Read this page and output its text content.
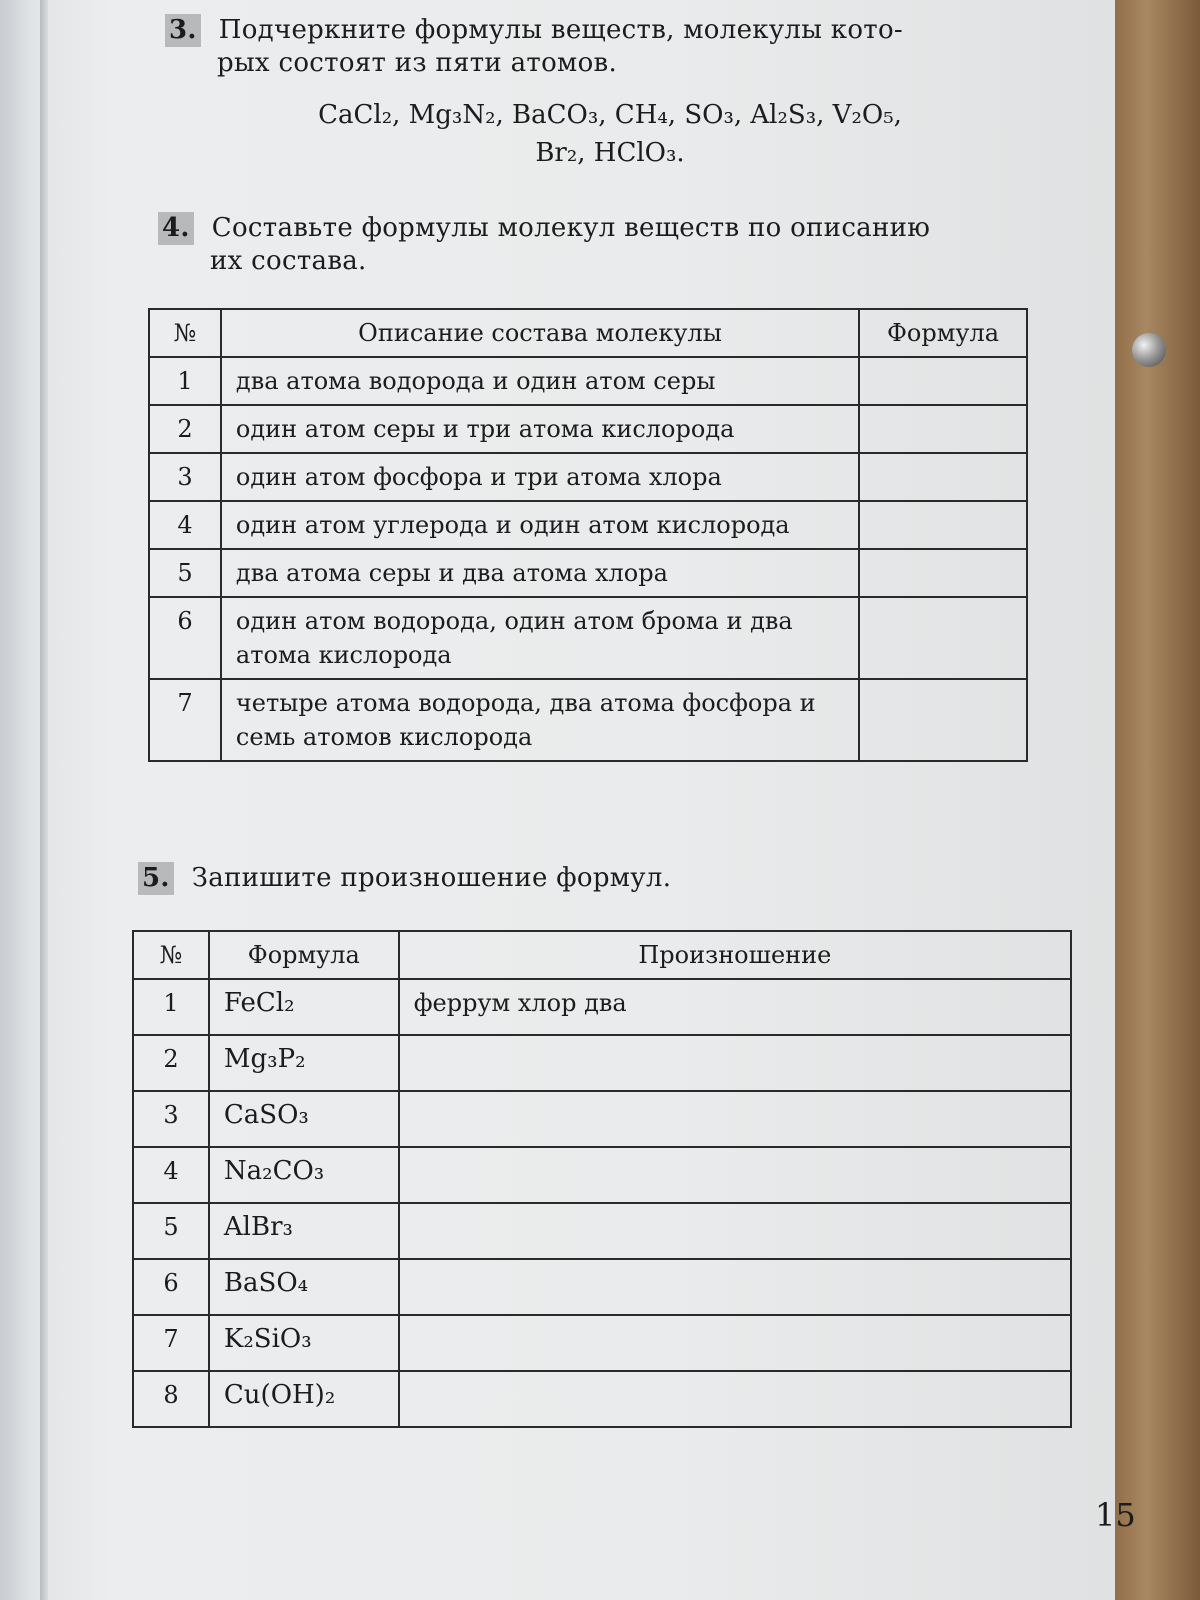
3. Подчеркните формулы веществ, молекулы кото-
рых состоят из пяти атомов.
CaCl₂, Mg₃N₂, BaCO₃, CH₄, SO₃, Al₂S₃, V₂O₅,
Br₂, HClO₃.
4. Составьте формулы молекул веществ по описанию
их состава.
№	Описание состава молекулы	Формула
1	два атома водорода и один атом серы	
2	один атом серы и три атома кислорода	
3	один атом фосфора и три атома хлора	
4	один атом углерода и один атом кислорода	
5	два атома серы и два атома хлора	
6	один атом водорода, один атом брома и два атома кислорода	
7	четыре атома водорода, два атома фосфора и семь атомов кислорода	
5. Запишите произношение формул.
№	Формула	Произношение
1	FeCl₂	феррум хлор два
2	Mg₃P₂	
3	CaSO₃	
4	Na₂CO₃	
5	AlBr₃	
6	BaSO₄	
7	K₂SiO₃	
8	Cu(OH)₂	
15
